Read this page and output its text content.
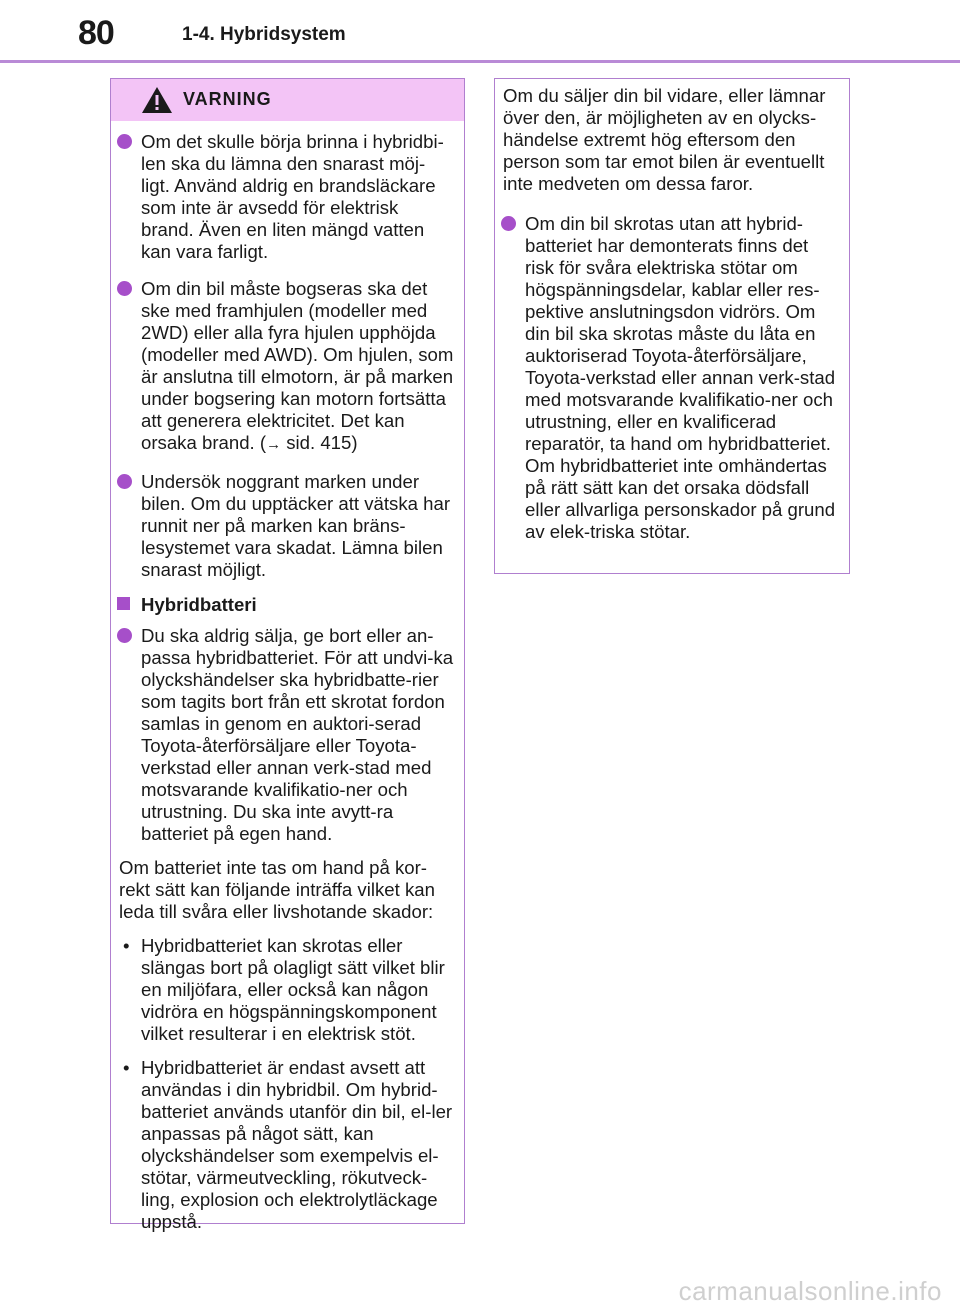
80	1-4. Hybridsystem
VARNING
Om det skulle börja brinna i hybridbi-len ska du lämna den snarast möj-ligt. Använd aldrig en brandsläckare som inte är avsedd för elektrisk brand. Även en liten mängd vatten kan vara farligt.
Om din bil måste bogseras ska det ske med framhjulen (modeller med 2WD) eller alla fyra hjulen upphöjda (modeller med AWD). Om hjulen, som är anslutna till elmotorn, är på marken under bogsering kan motorn fortsätta att generera elektricitet. Det kan orsaka brand. (→ sid. 415)
Undersök noggrant marken under bilen. Om du upptäcker att vätska har runnit ner på marken kan bräns-lesystemet vara skadat. Lämna bilen snarast möjligt.
Hybridbatteri
Du ska aldrig sälja, ge bort eller an-passa hybridbatteriet. För att undvi-ka olyckshändelser ska hybridbatte-rier som tagits bort från ett skrotat fordon samlas in genom en auktori-serad Toyota-återförsäljare eller Toyota-verkstad eller annan verk-stad med motsvarande kvalifikatio-ner och utrustning. Du ska inte avytt-ra batteriet på egen hand.
Om batteriet inte tas om hand på kor-rekt sätt kan följande inträffa vilket kan leda till svåra eller livshotande skador:
• Hybridbatteriet kan skrotas eller slängas bort på olagligt sätt vilket blir en miljöfara, eller också kan någon vidröra en högspänningskomponent vilket resulterar i en elektrisk stöt.
• Hybridbatteriet är endast avsett att användas i din hybridbil. Om hybrid-batteriet används utanför din bil, el-ler anpassas på något sätt, kan olyckshändelser som exempelvis el-stötar, värmeutveckling, rökutveck-ling, explosion och elektrolytläckage uppstå.
Om du säljer din bil vidare, eller lämnar över den, är möjligheten av en olycks-händelse extremt hög eftersom den person som tar emot bilen är eventuellt inte medveten om dessa faror.
Om din bil skrotas utan att hybrid-batteriet har demonterats finns det risk för svåra elektriska stötar om högspänningsdelar, kablar eller res-pektive anslutningsdon vidrörs. Om din bil ska skrotas måste du låta en auktoriserad Toyota-återförsäljare, Toyota-verkstad eller annan verk-stad med motsvarande kvalifikatio-ner och utrustning, eller en kvalificerad reparatör, ta hand om hybridbatteriet. Om hybridbatteriet inte omhändertas på rätt sätt kan det orsaka dödsfall eller allvarliga personskador på grund av elek-triska stötar.
carmanualsonline.info
